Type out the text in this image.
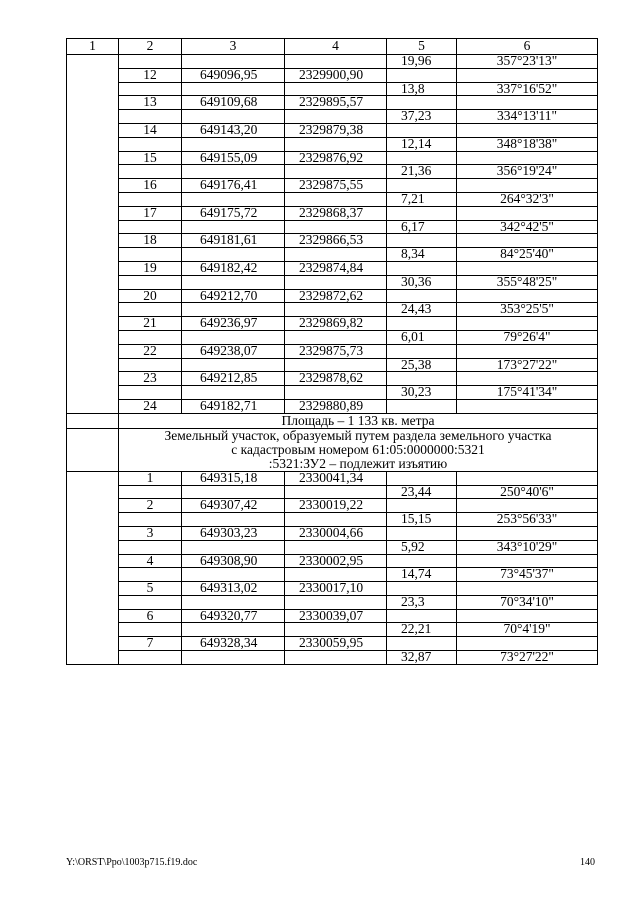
1	2	3	4	5	6
				19,96	357°23'13"
	12	649096,95	2329900,90		
				13,8	337°16'52"
	13	649109,68	2329895,57		
				37,23	334°13'11"
	14	649143,20	2329879,38		
				12,14	348°18'38"
	15	649155,09	2329876,92		
				21,36	356°19'24"
	16	649176,41	2329875,55		
				7,21	264°32'3"
	17	649175,72	2329868,37		
				6,17	342°42'5"
	18	649181,61	2329866,53		
				8,34	84°25'40"
	19	649182,42	2329874,84		
				30,36	355°48'25"
	20	649212,70	2329872,62		
				24,43	353°25'5"
	21	649236,97	2329869,82		
				6,01	79°26'4"
	22	649238,07	2329875,73		
				25,38	173°27'22"
	23	649212,85	2329878,62		
				30,23	175°41'34"
	24	649182,71	2329880,89		
	Площадь – 1 133 кв. метра				
	Земельный участок, образуемый путем раздела земельного участка				
	с кадастровым номером 61:05:0000000:5321				
	:5321:ЗУ2 – подлежит изъятию				
	1	649315,18	2330041,34		
				23,44	250°40'6"
	2	649307,42	2330019,22		
				15,15	253°56'33"
	3	649303,23	2330004,66		
				5,92	343°10'29"
	4	649308,90	2330002,95		
				14,74	73°45'37"
	5	649313,02	2330017,10		
				23,3	70°34'10"
	6	649320,77	2330039,07		
				22,21	70°4'19"
	7	649328,34	2330059,95		
				32,87	73°27'22"
Y:\ORST\Ppo\1003p715.f19.doc	140
